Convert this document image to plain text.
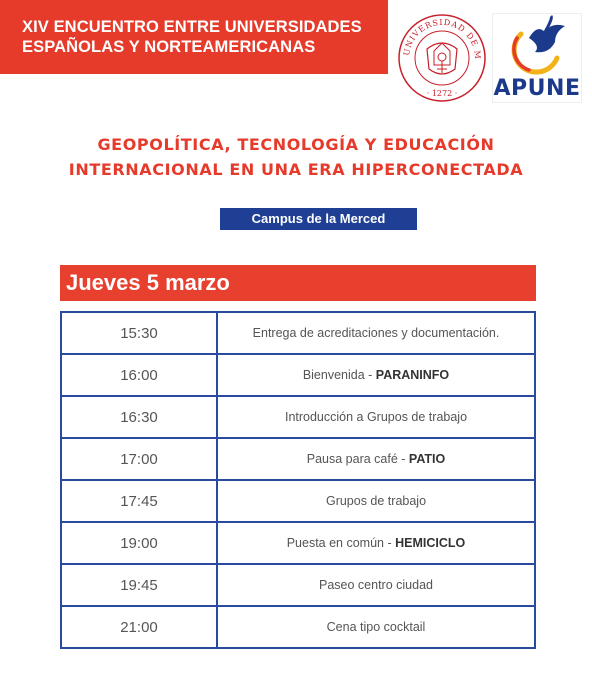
XIV ENCUENTRO ENTRE UNIVERSIDADES
ESPAÑOLAS Y NORTEAMERICANAS	UNIVERSIDAD DE M
· 1272 · APUNE
GEOPOLÍTICA, TECNOLOGÍA Y EDUCACIÓN
INTERNACIONAL EN UNA ERA HIPERCONECTADA
Campus de la Merced
Jueves 5 marzo
15:30	Entrega de acreditaciones y documentación.
16:00	Bienvenida - PARANINFO
16:30	Introducción a Grupos de trabajo
17:00	Pausa para café - PATIO
17:45	Grupos de trabajo
19:00	Puesta en común - HEMICICLO
19:45	Paseo centro ciudad
21:00	Cena tipo cocktail
